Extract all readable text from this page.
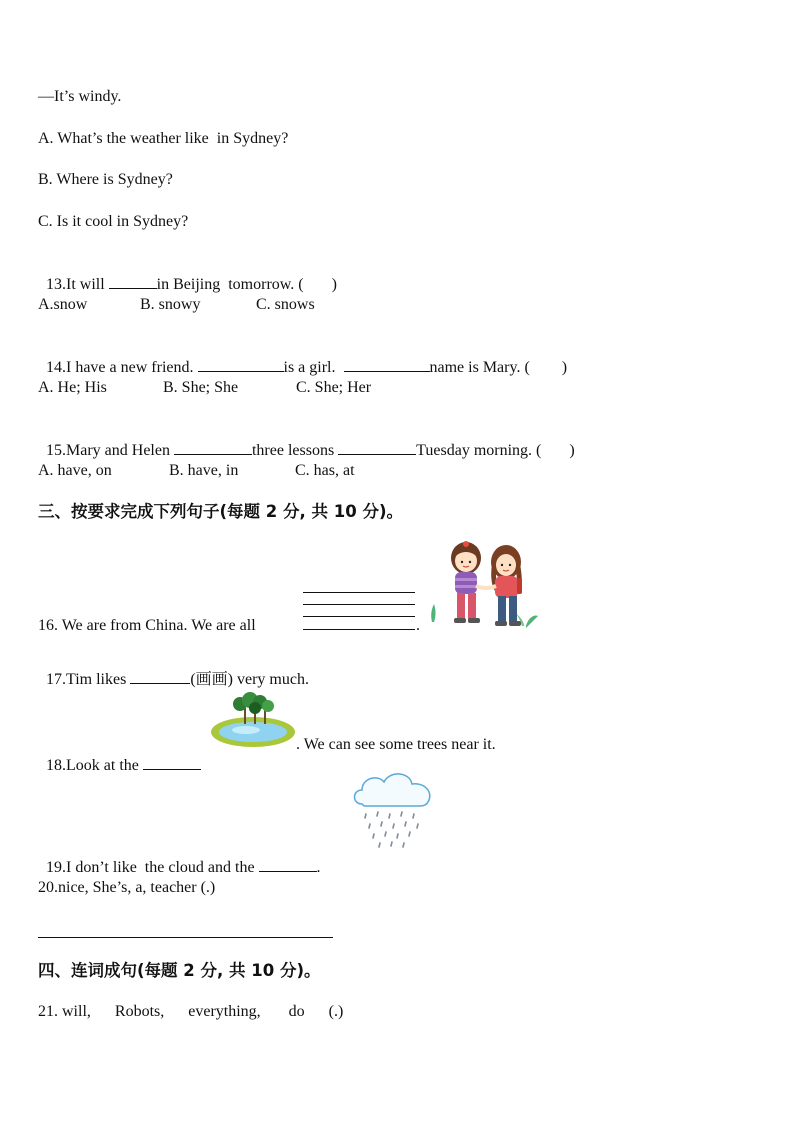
—It’s windy.
A. What’s the weather like  in Sydney?
B. Where is Sydney?
C. Is it cool in Sydney?

13.It will	in Beijing  tomorrow. (       )

A.snow	B. snowy	C. snows

14.I have a new friend.	is a girl.	name is Mary. (        )

A. He; His	B. She; She	C. She; Her

15.Mary and Helen	three lessons	Tuesday morning. (       )

A. have, on	B. have, in	C. has, at
三、按要求完成下列句子(每题 2 分, 共 10 分)。
16. We are from China. We are all	.

17.Tim likes	(画画) very much.

18.Look at the

. We can see some trees near it.

19.I don’t like  the cloud and the	.

20.nice, She’s, a, teacher (.)
四、连词成句(每题 2 分, 共 10 分)。
21. will,      Robots,      everything,       do      (.)
